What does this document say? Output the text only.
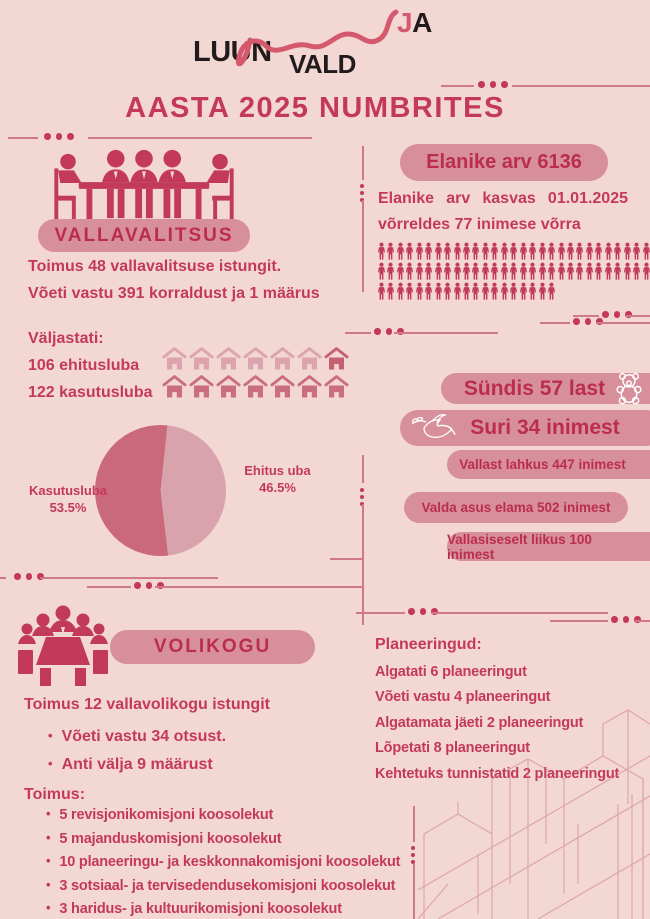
LUUN VALD
JA
AASTA 2025 NUMBRITES
VALLAVALITSUS
Toimus 48 vallavalitsuse istungit.
Võeti vastu 391 korraldust ja 1 määrus
Väljastati:
106 ehitusluba
122 kasutusluba
Kasutusluba
53.5%
Ehitus uba
46.5%
Elanike arv 6136
Elanike arv kasvas 01.01.2025
võrreldes 77 inimese võrra
Sündis 57 last
Suri 34 inimest
Vallast lahkus 447 inimest
Valda asus elama 502 inimest
Vallasiseselt liikus 100 inimest
VOLIKOGU
Toimus 12 vallavolikogu istungit
• Võeti vastu 34 otsust.
• Anti välja 9 määrust
Toimus:
• 5 revisjonikomisjoni koosolekut
• 5 majanduskomisjoni koosolekut
• 10 planeeringu- ja keskkonnakomisjoni koosolekut
• 3 sotsiaal- ja tervisedendusekomisjoni koosolekut
• 3 haridus- ja kultuurikomisjoni koosolekut
Planeeringud:
Algatati 6 planeeringut
Võeti vastu 4 planeeringut
Algatamata jäeti 2 planeeringut
Lõpetati 8 planeeringut
Kehtetuks tunnistatid 2 planeeringut
